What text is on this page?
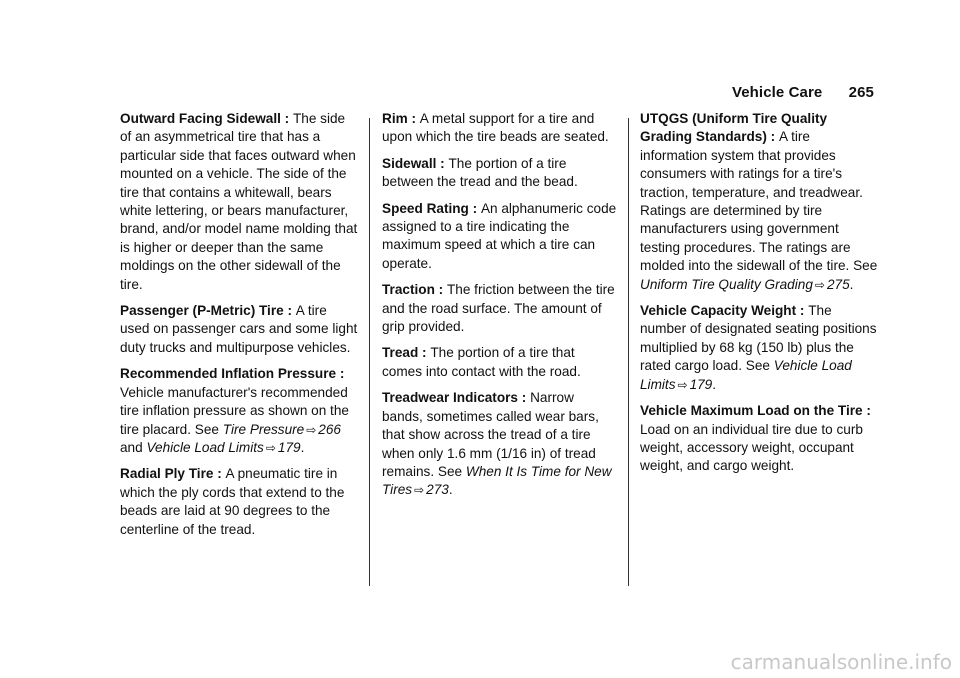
Vehicle Care 265

Outward Facing Sidewall : The side of an asymmetrical tire that has a particular side that faces outward when mounted on a vehicle. The side of the tire that contains a whitewall, bears white lettering, or bears manufacturer, brand, and/or model name molding that is higher or deeper than the same moldings on the other sidewall of the tire.

Passenger (P-Metric) Tire : A tire used on passenger cars and some light duty trucks and multipurpose vehicles.

Recommended Inflation Pressure : Vehicle manufacturer's recommended tire inflation pressure as shown on the tire placard. See Tire Pressure ⇨ 266 and Vehicle Load Limits ⇨ 179.

Radial Ply Tire : A pneumatic tire in which the ply cords that extend to the beads are laid at 90 degrees to the centerline of the tread.

Rim : A metal support for a tire and upon which the tire beads are seated.

Sidewall : The portion of a tire between the tread and the bead.

Speed Rating : An alphanumeric code assigned to a tire indicating the maximum speed at which a tire can operate.

Traction : The friction between the tire and the road surface. The amount of grip provided.

Tread : The portion of a tire that comes into contact with the road.

Treadwear Indicators : Narrow bands, sometimes called wear bars, that show across the tread of a tire when only 1.6 mm (1/16 in) of tread remains. See When It Is Time for New Tires ⇨ 273.

UTQGS (Uniform Tire Quality Grading Standards) : A tire information system that provides consumers with ratings for a tire's traction, temperature, and treadwear. Ratings are determined by tire manufacturers using government testing procedures. The ratings are molded into the sidewall of the tire. See Uniform Tire Quality Grading ⇨ 275.

Vehicle Capacity Weight : The number of designated seating positions multiplied by 68 kg (150 lb) plus the rated cargo load. See Vehicle Load Limits ⇨ 179.

Vehicle Maximum Load on the Tire : Load on an individual tire due to curb weight, accessory weight, occupant weight, and cargo weight.

carmanualsonline.info
